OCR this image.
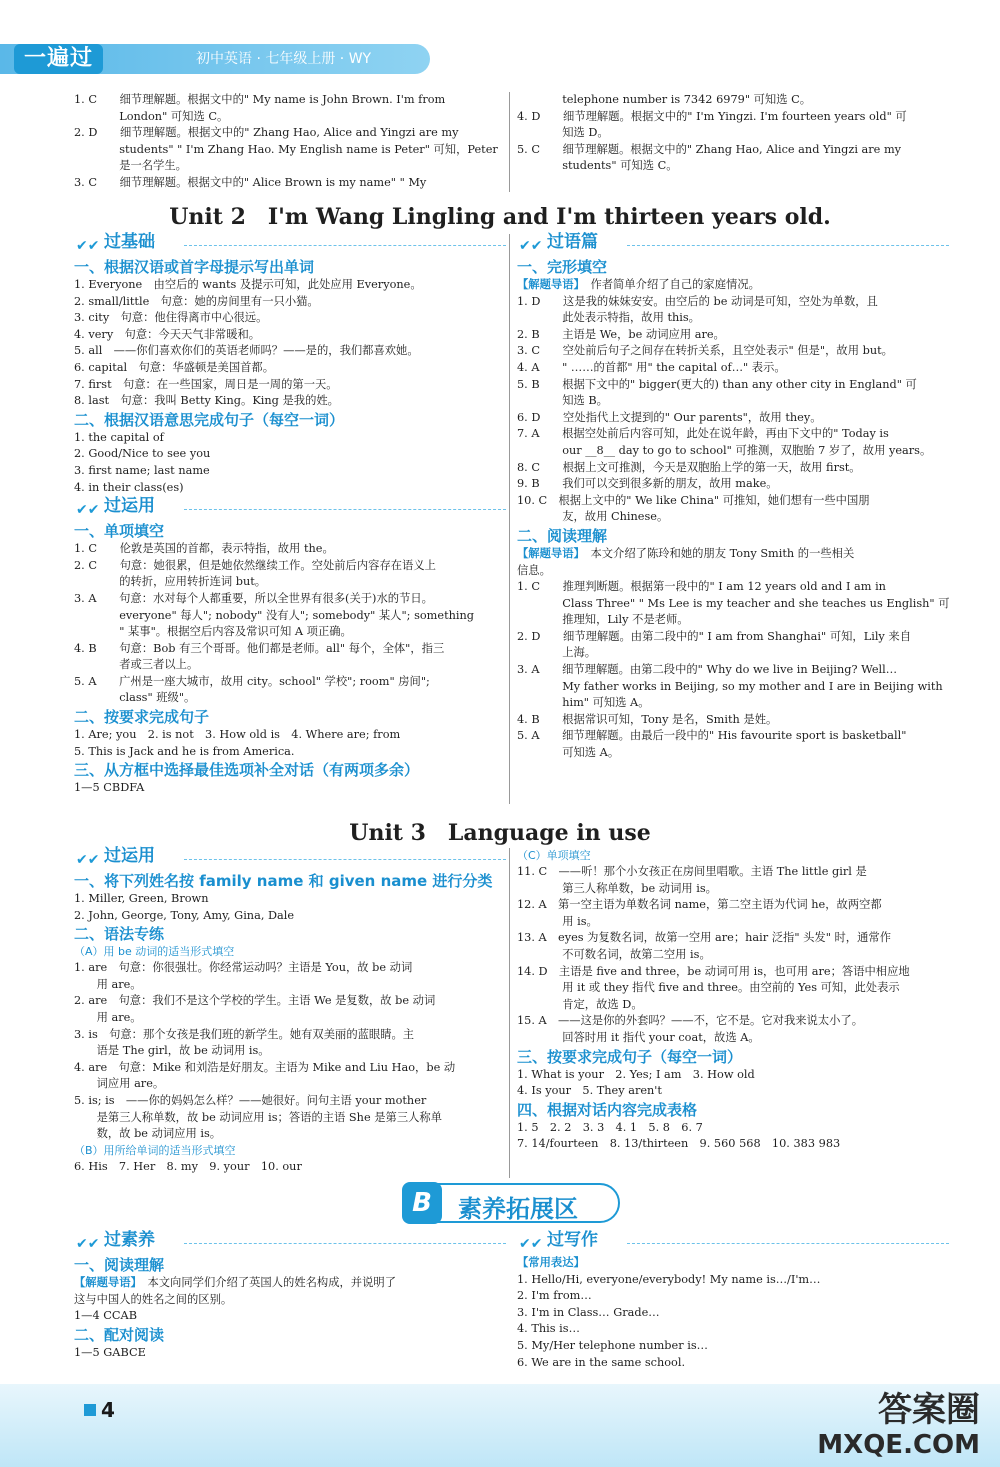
一遍过	初中英语 · 七年级上册 · WY
1. C　　细节理解题。根据文中的" My name is John Brown. I'm from
　　　　London" 可知选 C。
2. D　　细节理解题。根据文中的" Zhang Hao, Alice and Yingzi are my
　　　　students" " I'm Zhang Hao. My English name is Peter" 可知，Peter
　　　　是一名学生。
3. C　　细节理解题。根据文中的" Alice Brown is my name" " My
　　　　telephone number is 7342 6979" 可知选 C。
4. D　　细节理解题。根据文中的" I'm Yingzi. I'm fourteen years old" 可
　　　　知选 D。
5. C　　细节理解题。根据文中的" Zhang Hao, Alice and Yingzi are my
　　　　students" 可知选 C。
Unit 2　I'm Wang Lingling and I'm thirteen years old.
✔✔ 过基础
一、根据汉语或首字母提示写出单词
1. Everyone　由空后的 wants 及提示可知，此处应用 Everyone。
2. small/little　句意：她的房间里有一只小猫。
3. city　句意：他住得离市中心很远。
4. very　句意：今天天气非常暖和。
5. all　——你们喜欢你们的英语老师吗？——是的，我们都喜欢她。
6. capital　句意：华盛顿是美国首都。
7. first　句意：在一些国家，周日是一周的第一天。
8. last　句意：我叫 Betty King。King 是我的姓。
二、根据汉语意思完成句子（每空一词）
1. the capital of
2. Good/Nice to see you
3. first name; last name
4. in their class(es)
✔✔ 过运用
一、单项填空
1. C　　伦敦是英国的首都，表示特指，故用 the。
2. C　　句意：她很累，但是她依然继续工作。空处前后内容存在语义上
　　　　的转折，应用转折连词 but。
3. A　　句意：水对每个人都重要，所以全世界有很多(关于)水的节日。
　　　　everyone" 每人"; nobody" 没有人"; somebody" 某人"; something
　　　　" 某事"。根据空后内容及常识可知 A 项正确。
4. B　　句意：Bob 有三个哥哥。他们都是老师。all" 每个，全体"，指三
　　　　者或三者以上。
5. A　　广州是一座大城市，故用 city。school" 学校"; room" 房间";
　　　　class" 班级"。
二、按要求完成句子
1. Are; you　2. is not　3. How old is　4. Where are; from
5. This is Jack and he is from America.
三、从方框中选择最佳选项补全对话（有两项多余）
1—5 CBDFA
✔✔ 过语篇
一、完形填空
【解题导语】　 作者简单介绍了自己的家庭情况。
1. D　　这是我的妹妹安安。由空后的 be 动词是可知，空处为单数，且
　　　　此处表示特指，故用 this。
2. B　　主语是 We，be 动词应用 are。
3. C　　空处前后句子之间存在转折关系，且空处表示" 但是"，故用 but。
4. A　　" ……的首都" 用" the capital of…" 表示。
5. B　　根据下文中的" bigger(更大的) than any other city in England" 可
　　　　知选 B。
6. D　　空处指代上文提到的" Our parents"，故用 they。
7. A　　根据空处前后内容可知，此处在说年龄，再由下文中的" Today is
　　　　our __8__ day to go to school" 可推测，双胞胎 7 岁了，故用 years。
8. C　　根据上文可推测，今天是双胞胎上学的第一天，故用 first。
9. B　　我们可以交到很多新的朋友，故用 make。
10. C　根据上文中的" We like China" 可推知，她们想有一些中国朋
　　　　友，故用 Chinese。
二、阅读理解
【解题导语】　 本文介绍了陈玲和她的朋友 Tony Smith 的一些相关
信息。
1. C　　推理判断题。根据第一段中的" I am 12 years old and I am in
　　　　Class Three" " Ms Lee is my teacher and she teaches us English" 可
　　　　推理知，Lily 不是老师。
2. D　　细节理解题。由第二段中的" I am from Shanghai" 可知，Lily 来自
　　　　上海。
3. A　　细节理解题。由第二段中的" Why do we live in Beijing? Well…
　　　　My father works in Beijing, so my mother and I are in Beijing with
　　　　him" 可知选 A。
4. B　　根据常识可知，Tony 是名，Smith 是姓。
5. A　　细节理解题。由最后一段中的" His favourite sport is basketball"
　　　　可知选 A。
Unit 3　Language in use
✔✔ 过运用
一、将下列姓名按 family name 和 given name 进行分类
1. Miller, Green, Brown
2. John, George, Tony, Amy, Gina, Dale
二、语法专练
（A）用 be 动词的适当形式填空
1. are　句意：你很强壮。你经常运动吗？主语是 You，故 be 动词
　　用 are。
2. are　句意：我们不是这个学校的学生。主语 We 是复数，故 be 动词
　　用 are。
3. is　句意：那个女孩是我们班的新学生。她有双美丽的蓝眼睛。主
　　语是 The girl，故 be 动词用 is。
4. are　句意：Mike 和刘浩是好朋友。主语为 Mike and Liu Hao，be 动
　　词应用 are。
5. is; is　——你的妈妈怎么样？——她很好。问句主语 your mother
　　是第三人称单数，故 be 动词应用 is；答语的主语 She 是第三人称单
　　数，故 be 动词应用 is。
（B）用所给单词的适当形式填空
6. His　7. Her　8. my　9. your　10. our
（C）单项填空
11. C　——听！那个小女孩正在房间里唱歌。主语 The little girl 是
　　　　第三人称单数，be 动词用 is。
12. A　第一空主语为单数名词 name，第二空主语为代词 he，故两空都
　　　　用 is。
13. A　eyes 为复数名词，故第一空用 are；hair 泛指" 头发" 时，通常作
　　　　不可数名词，故第二空用 is。
14. D　主语是 five and three，be 动词可用 is，也可用 are；答语中相应地
　　　　用 it 或 they 指代 five and three。由空前的 Yes 可知，此处表示
　　　　肯定，故选 D。
15. A　——这是你的外套吗？——不，它不是。它对我来说太小了。
　　　　回答时用 it 指代 your coat，故选 A。
三、按要求完成句子（每空一词）
1. What is your　2. Yes; I am　3. How old
4. Is your　5. They aren't
四、根据对话内容完成表格
1. 5　2. 2　3. 3　4. 1　5. 8　6. 7
7. 14/fourteen　8. 13/thirteen　9. 560 568　10. 383 983
B	素养拓展区
✔✔ 过素养
一、阅读理解
【解题导语】　 本文向同学们介绍了英国人的姓名构成，并说明了
这与中国人的姓名之间的区别。
1—4 CCAB
二、配对阅读
1—5 GABCE
✔✔ 过写作
【常用表达】
1. Hello/Hi, everyone/everybody! My name is…/I'm…
2. I'm from…
3. I'm in Class… Grade…
4. This is…
5. My/Her telephone number is…
6. We are in the same school.
4	答案圈
MXQE.COM
